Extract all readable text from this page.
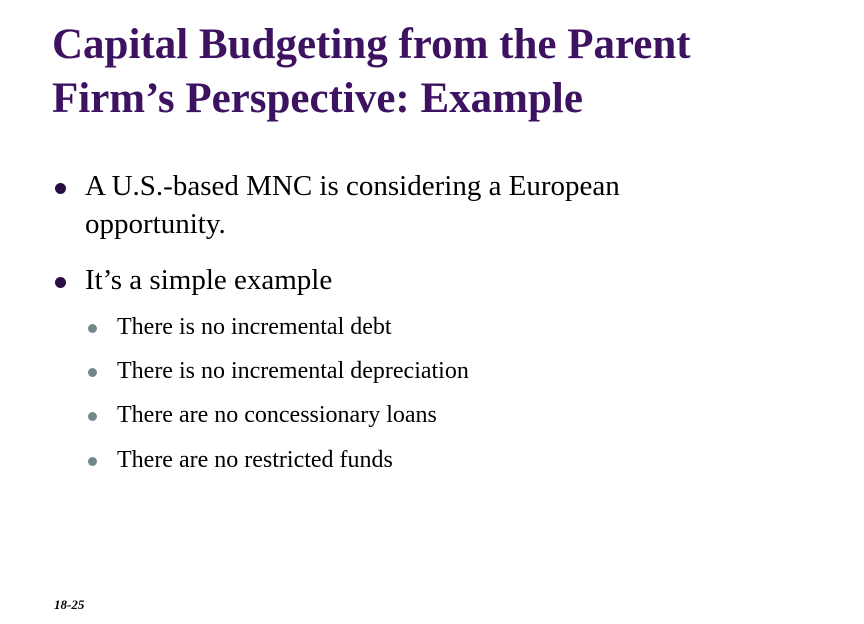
Capital Budgeting from the Parent
Firm’s Perspective: Example
A U.S.-based MNC is considering a European
opportunity.
It’s a simple example
There is no incremental debt
There is no incremental depreciation
There are no concessionary loans
There are no restricted funds
18-25
